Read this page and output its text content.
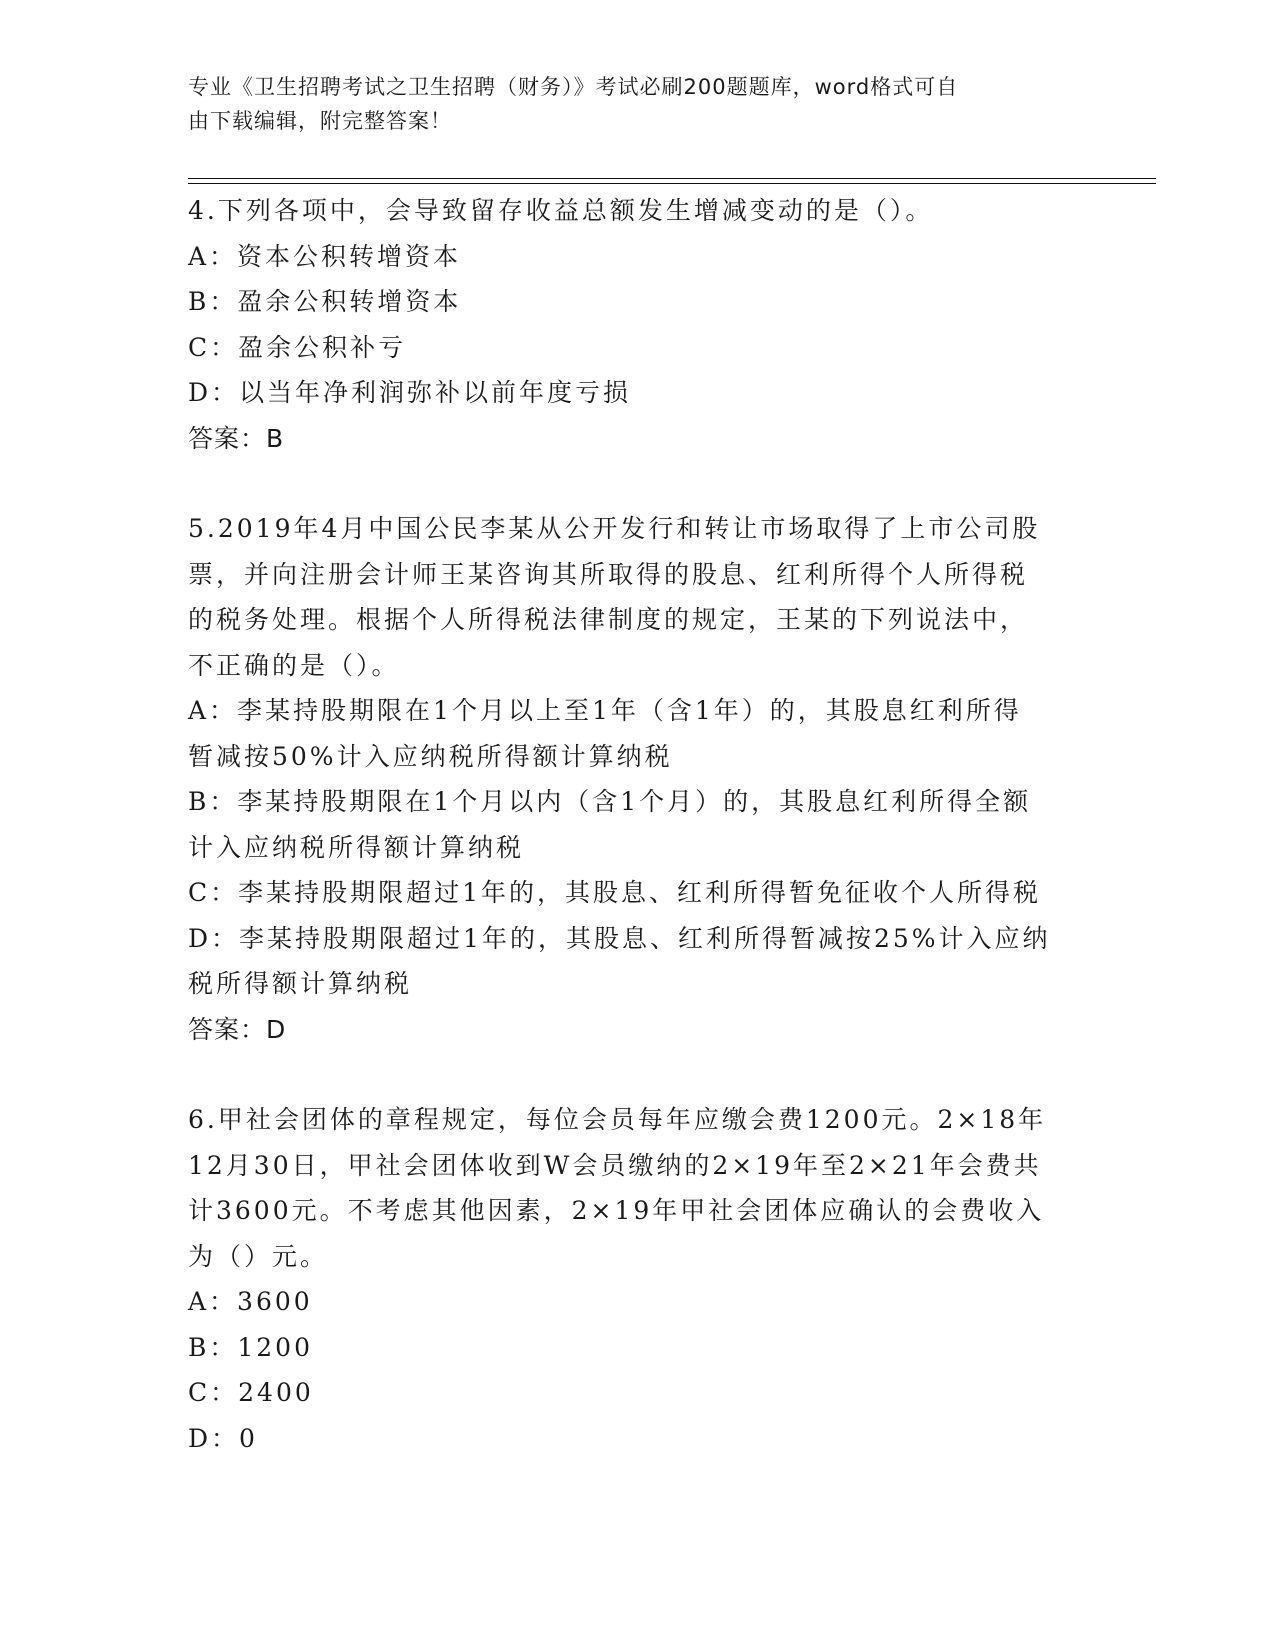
专业《卫生招聘考试之卫生招聘（财务）》考试必刷200题题库，word格式可自
由下载编辑，附完整答案！
4.下列各项中，会导致留存收益总额发生增减变动的是（）。
A：资本公积转增资本
B：盈余公积转增资本
C：盈余公积补亏
D：以当年净利润弥补以前年度亏损
答案：B
5.2019年4月中国公民李某从公开发行和转让市场取得了上市公司股
票，并向注册会计师王某咨询其所取得的股息、红利所得个人所得税
的税务处理。根据个人所得税法律制度的规定，王某的下列说法中，
不正确的是（）。
A：李某持股期限在1个月以上至1年（含1年）的，其股息红利所得
暂减按50%计入应纳税所得额计算纳税
B：李某持股期限在1个月以内（含1个月）的，其股息红利所得全额
计入应纳税所得额计算纳税
C：李某持股期限超过1年的，其股息、红利所得暂免征收个人所得税
D：李某持股期限超过1年的，其股息、红利所得暂减按25%计入应纳
税所得额计算纳税
答案：D
6.甲社会团体的章程规定，每位会员每年应缴会费1200元。2×18年
12月30日，甲社会团体收到W会员缴纳的2×19年至2×21年会费共
计3600元。不考虑其他因素，2×19年甲社会团体应确认的会费收入
为（）元。
A：3600
B：1200
C：2400
D：0
